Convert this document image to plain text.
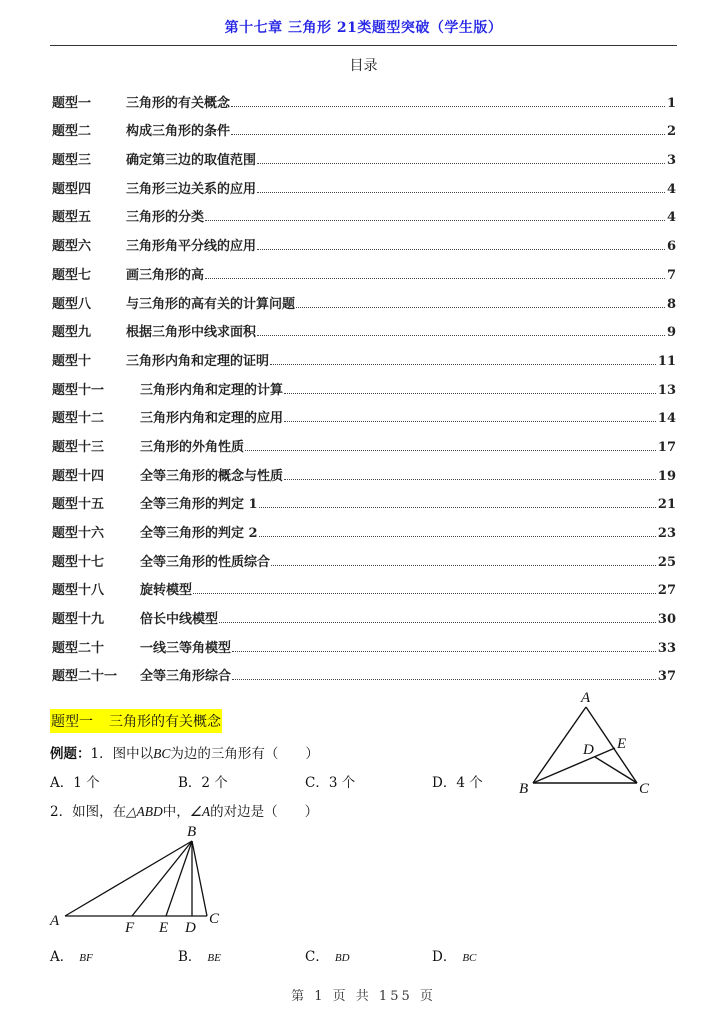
第十七章 三角形 21类题型突破（学生版）
目录
题型一	三角形的有关概念	1
题型二	构成三角形的条件	2
题型三	确定第三边的取值范围	3
题型四	三角形三边关系的应用	4
题型五	三角形的分类	4
题型六	三角形角平分线的应用	6
题型七	画三角形的高	7
题型八	与三角形的高有关的计算问题	8
题型九	根据三角形中线求面积	9
题型十	三角形内角和定理的证明	11
题型十一	三角形内角和定理的计算	13
题型十二	三角形内角和定理的应用	14
题型十三	三角形的外角性质	17
题型十四	全等三角形的概念与性质	19
题型十五	全等三角形的判定 1	21
题型十六	全等三角形的判定 2	23
题型十七	全等三角形的性质综合	25
题型十八	旋转模型	27
题型十九	倍长中线模型	30
题型二十	一线三等角模型	33
题型二十一 全等三角形综合	37
题型一 三角形的有关概念
例题：1．图中以BC为边的三角形有（　　）
A．1 个	B．2 个	C．3 个	D．4 个
A
B	C
D E
2．如图，在△ABD中，∠A的对边是（　　）
B
A	F E D
C
A． BF	B． BE	C． BD	D． BC
第 1 页 共 155 页
